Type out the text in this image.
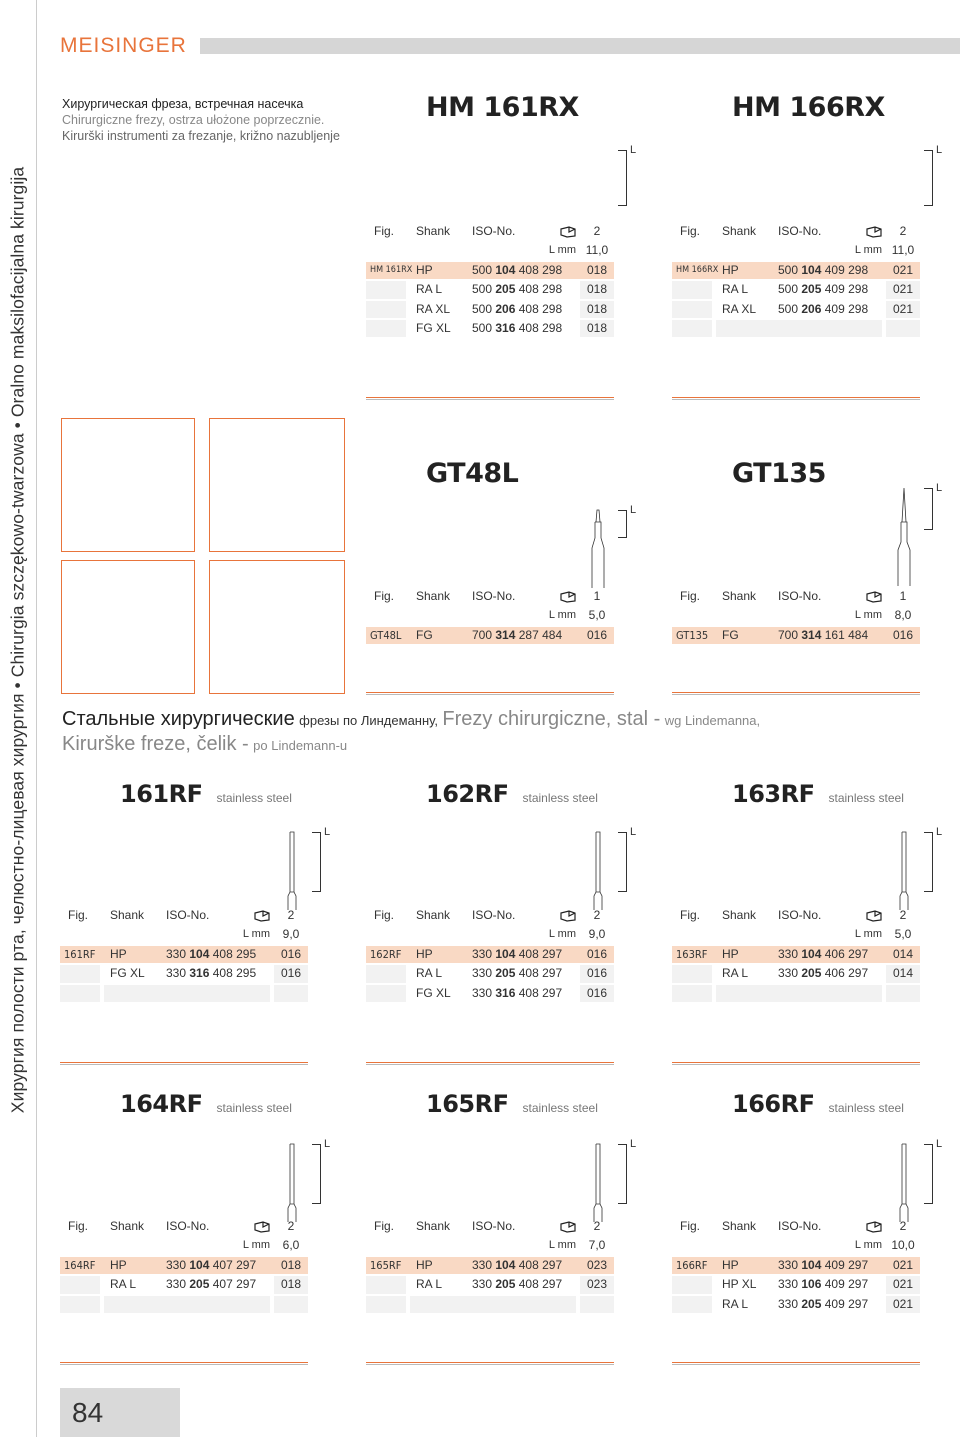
Хирургия полости рта, челюстно-лицевая хирургия • Chirurgia szczękowo-twarzowa • Oralno maksilofacijalna kirurgija
MEISINGER
Хирургическая фреза, встречная насечка
Chirurgiczne frezy, ostrza ułożone poprzecznie.
Kirurški instrumenti za frezanje, križno nazubljenje
Стальные хирургические фрезы по Линдеманну, Frezy chirurgiczne, stal - wg Lindemanna,
Kirurške freze, čelik - po Lindemann-u
HM 161RX
L
Fig. Shank ISO-No.	2
L mm 11,0
HM 161RX HP	500 104 408 298	018
RA L 500 205 408 298	018
RA XL 500 206 408 298	018
FG XL 500 316 408 298	018
HM 166RX
L
Fig. Shank ISO-No.	2
L mm 11,0
HM 166RX HP	500 104 409 298	021
RA L 500 205 409 298	021
RA XL 500 206 409 298	021
GT48L
L
Fig. Shank ISO-No.	1
L mm	5,0
GT48L FG	700 314 287 484	016
GT135	L
Fig. Shank ISO-No.	1
L mm	8,0
GT135 FG	700 314 161 484	016
161RF stainless steel
L
Fig. Shank ISO-No.	2
L mm	9,0
161RF HP	330 104 408 295	016
FG XL 330 316 408 295	016
162RF stainless steel
L
Fig. Shank ISO-No.	2
L mm	9,0
162RF HP	330 104 408 297	016
RA L 330 205 408 297	016
FG XL 330 316 408 297	016
163RF stainless steel
L
Fig. Shank ISO-No.	2
L mm	5,0
163RF HP	330 104 406 297	014
RA L 330 205 406 297	014
164RF stainless steel
L
Fig. Shank ISO-No.	2
L mm	6,0
164RF HP	330 104 407 297	018
RA L 330 205 407 297	018
165RF stainless steel
L
Fig. Shank ISO-No.	2
L mm	7,0
165RF HP	330 104 408 297	023
RA L 330 205 408 297	023
166RF stainless steel
L
Fig. Shank ISO-No.	2
L mm 10,0
166RF HP	330 104 409 297	021
HP XL 330 106 409 297	021
RA L 330 205 409 297	021
84
